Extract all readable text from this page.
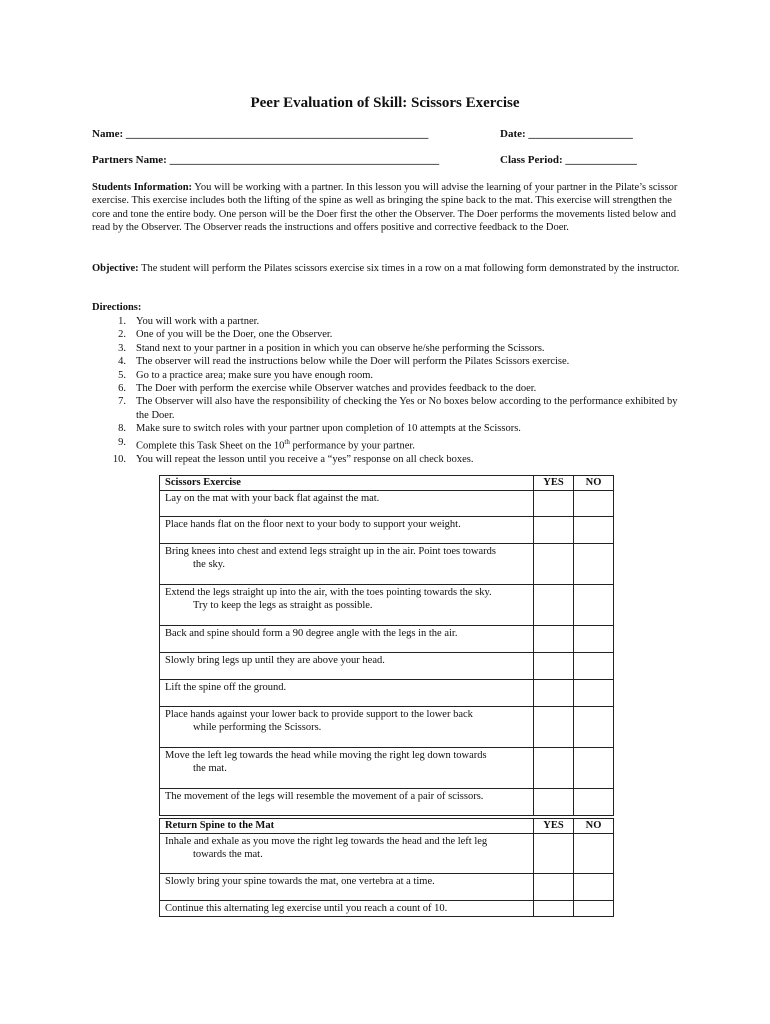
Peer Evaluation of Skill: Scissors Exercise
Name: _______________________________________________________	Date: ___________________
Partners Name: _________________________________________________	Class Period: _____________
Students Information: You will be working with a partner. In this lesson you will advise the learning of your partner in the Pilate’s scissor exercise. This exercise includes both the lifting of the spine as well as bringing the spine back to the mat. This exercise will strengthen the core and tone the entire body. One person will be the Doer first the other the Observer. The Doer performs the movements listed below and read by the Observer. The Observer reads the instructions and offers positive and corrective feedback to the Doer.
Objective: The student will perform the Pilates scissors exercise six times in a row on a mat following form demonstrated by the instructor.
Directions:
1. You will work with a partner.
2. One of you will be the Doer, one the Observer.
3. Stand next to your partner in a position in which you can observe he/she performing the Scissors.
4. The observer will read the instructions below while the Doer will perform the Pilates Scissors exercise.
5. Go to a practice area; make sure you have enough room.
6. The Doer with perform the exercise while Observer watches and provides feedback to the doer.
7. The Observer will also have the responsibility of checking the Yes or No boxes below according to the performance exhibited by the Doer.
8. Make sure to switch roles with your partner upon completion of 10 attempts at the Scissors.
9. Complete this Task Sheet on the 10th performance by your partner.
10. You will repeat the lesson until you receive a “yes” response on all check boxes.
Scissors Exercise	YES	NO
Lay on the mat with your back flat against the mat.		
Place hands flat on the floor next to your body to support your weight.		
Bring knees into chest and extend legs straight up in the air. Point toes towards
the sky.		

Extend the legs straight up into the air, with the toes pointing towards the sky.
Try to keep the legs as straight as possible.		

Back and spine should form a 90 degree angle with the legs in the air.		
Slowly bring legs up until they are above your head.		
Lift the spine off the ground.		
Place hands against your lower back to provide support to the lower back
while performing the Scissors.		

Move the left leg towards the head while moving the right leg down towards
the mat.		

The movement of the legs will resemble the movement of a pair of scissors.		
Return Spine to the Mat	YES	NO
Inhale and exhale as you move the right leg towards the head and the left leg
towards the mat.		

Slowly bring your spine towards the mat, one vertebra at a time.		
Continue this alternating leg exercise until you reach a count of 10.		
